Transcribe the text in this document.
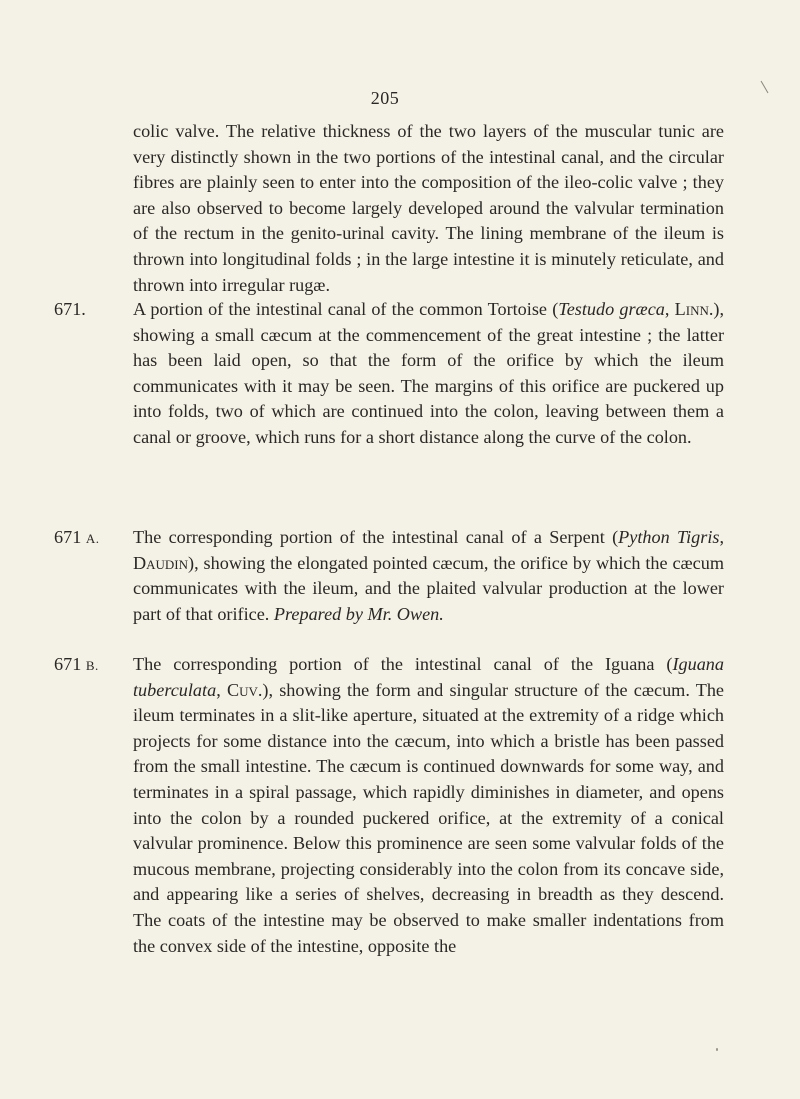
205
colic valve. The relative thickness of the two layers of the muscular tunic are very distinctly shown in the two portions of the intestinal canal, and the circular fibres are plainly seen to enter into the composition of the ileo-colic valve ; they are also observed to become largely developed around the valvular termination of the rectum in the genito-urinal cavity. The lining membrane of the ileum is thrown into longitudinal folds ; in the large intestine it is minutely reticulate, and thrown into irregular rugæ.
671.	A portion of the intestinal canal of the common Tortoise (Testudo græca, Linn.), showing a small cæcum at the commencement of the great intestine ; the latter has been laid open, so that the form of the orifice by which the ileum communicates with it may be seen. The margins of this orifice are puckered up into folds, two of which are continued into the colon, leaving between them a canal or groove, which runs for a short distance along the curve of the colon.
671 A.	The corresponding portion of the intestinal canal of a Serpent (Python Tigris, Daudin), showing the elongated pointed cæcum, the orifice by which the cæcum communicates with the ileum, and the plaited valvular production at the lower part of that orifice. Prepared by Mr. Owen.
671 B.	The corresponding portion of the intestinal canal of the Iguana (Iguana tuberculata, Cuv.), showing the form and singular structure of the cæcum. The ileum terminates in a slit-like aperture, situated at the extremity of a ridge which projects for some distance into the cæcum, into which a bristle has been passed from the small intestine. The cæcum is continued downwards for some way, and terminates in a spiral passage, which rapidly diminishes in diameter, and opens into the colon by a rounded puckered orifice, at the extremity of a conical valvular prominence. Below this prominence are seen some valvular folds of the mucous membrane, projecting considerably into the colon from its concave side, and appearing like a series of shelves, decreasing in breadth as they descend. The coats of the intestine may be observed to make smaller indentations from the convex side of the intestine, opposite the
